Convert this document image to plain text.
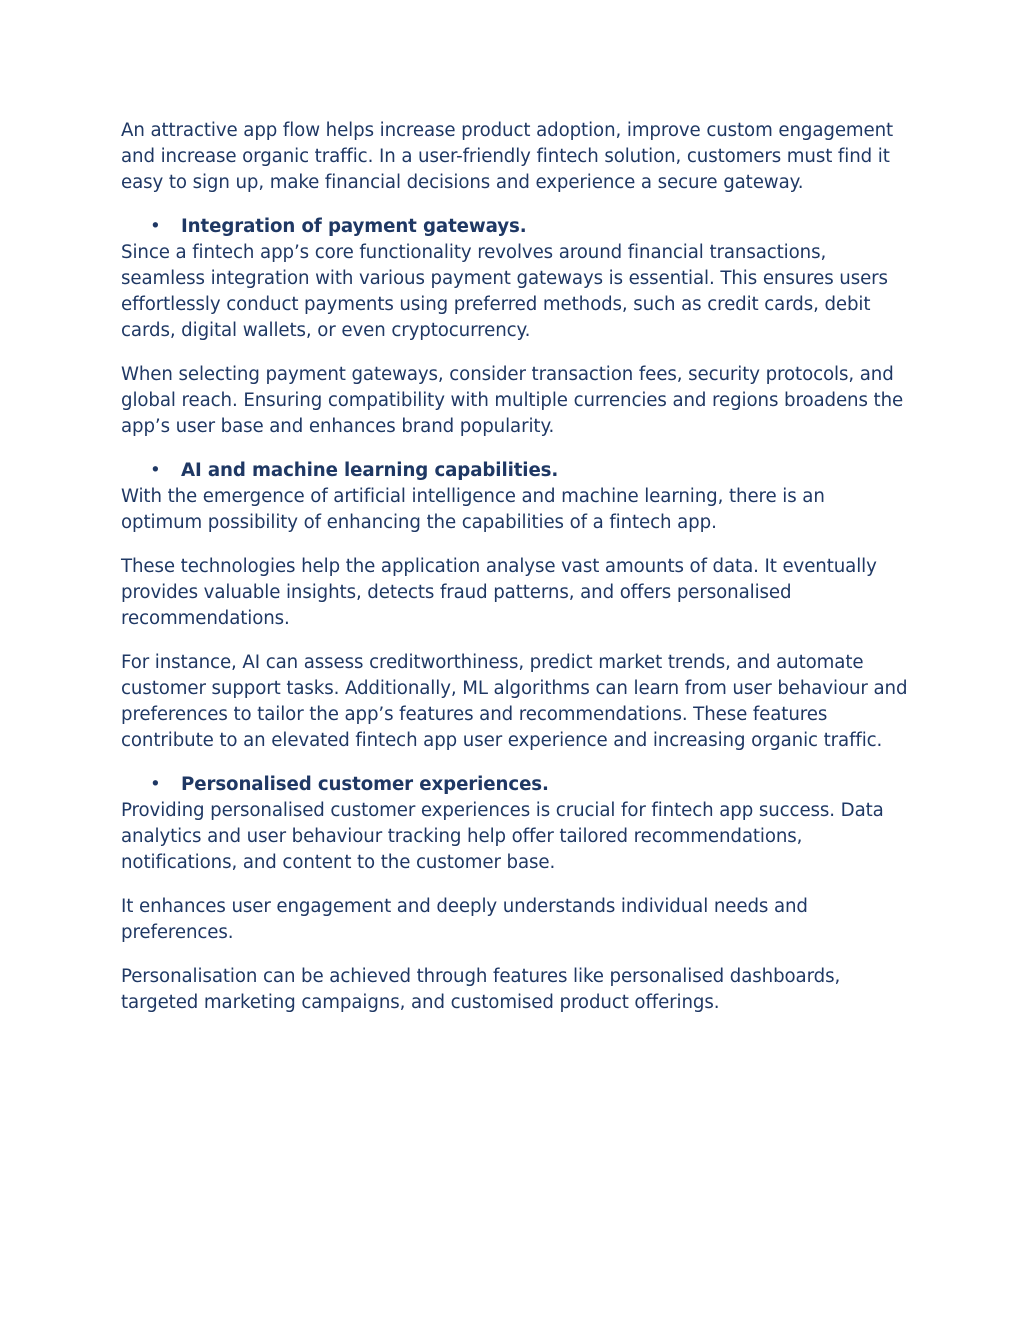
An attractive app flow helps increase product adoption, improve custom engagement and increase organic traffic. In a user-friendly fintech solution, customers must find it easy to sign up, make financial decisions and experience a secure gateway.

• Integration of payment gateways.

Since a fintech app’s core functionality revolves around financial transactions, seamless integration with various payment gateways is essential. This ensures users effortlessly conduct payments using preferred methods, such as credit cards, debit cards, digital wallets, or even cryptocurrency.

When selecting payment gateways, consider transaction fees, security protocols, and global reach. Ensuring compatibility with multiple currencies and regions broadens the app’s user base and enhances brand popularity.

• AI and machine learning capabilities.

With the emergence of artificial intelligence and machine learning, there is an optimum possibility of enhancing the capabilities of a fintech app.

These technologies help the application analyse vast amounts of data. It eventually provides valuable insights, detects fraud patterns, and offers personalised recommendations.

For instance, AI can assess creditworthiness, predict market trends, and automate customer support tasks. Additionally, ML algorithms can learn from user behaviour and preferences to tailor the app’s features and recommendations. These features contribute to an elevated fintech app user experience and increasing organic traffic.

• Personalised customer experiences.

Providing personalised customer experiences is crucial for fintech app success. Data analytics and user behaviour tracking help offer tailored recommendations, notifications, and content to the customer base.

It enhances user engagement and deeply understands individual needs and preferences.

Personalisation can be achieved through features like personalised dashboards, targeted marketing campaigns, and customised product offerings.
